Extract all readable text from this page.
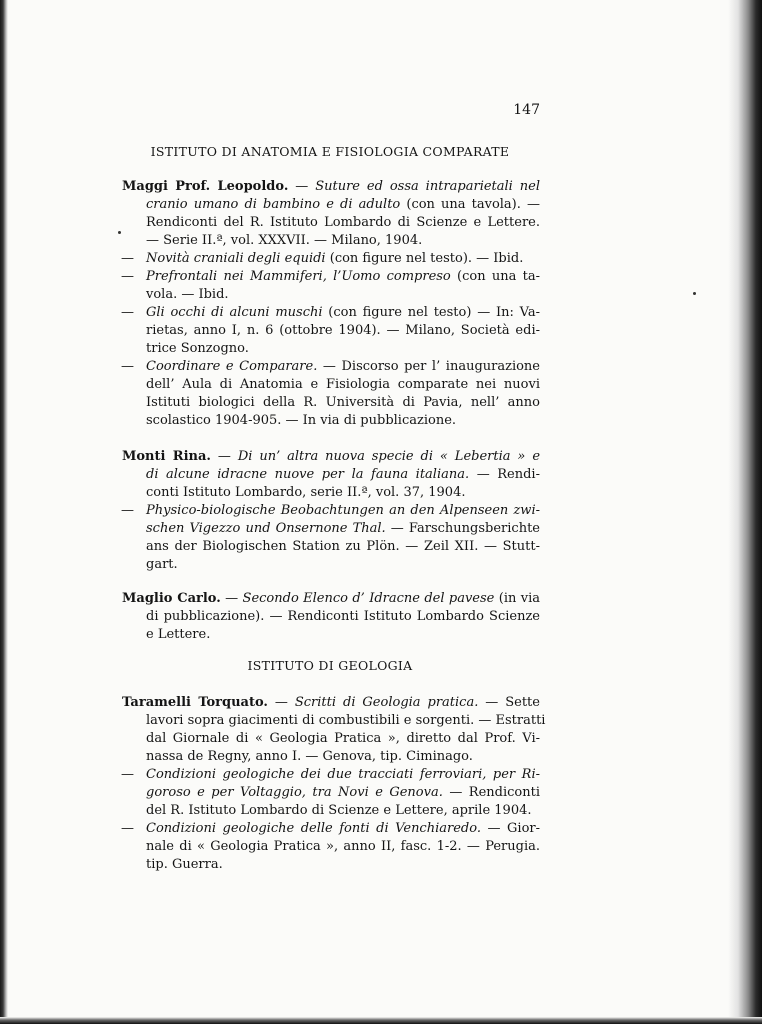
147
ISTITUTO DI ANATOMIA E FISIOLOGIA COMPARATE
Maggi Prof. Leopoldo. — Suture ed ossa intraparietali nel
cranio umano di bambino e di adulto (con una tavola). —
Rendiconti del R. Istituto Lombardo di Scienze e Lettere.
— Serie II.ª, vol. XXXVII. — Milano, 1904.
— Novità craniali degli equidi (con figure nel testo). — Ibid.
— Prefrontali nei Mammiferi, l’Uomo compreso (con una ta-
vola. — Ibid.
— Gli occhi di alcuni muschi (con figure nel testo) — In: Va-
rietas, anno I, n. 6 (ottobre 1904). — Milano, Società edi-
trice Sonzogno.
— Coordinare e Comparare. — Discorso per l’ inaugurazione
dell’ Aula di Anatomia e Fisiologia comparate nei nuovi
Istituti biologici della R. Università di Pavia, nell’ anno
scolastico 1904-905. — In via di pubblicazione.
Monti Rina. — Di un’ altra nuova specie di « Lebertia » e
di alcune idracne nuove per la fauna italiana. — Rendi-
conti Istituto Lombardo, serie II.ª, vol. 37, 1904.
— Physico-biologische Beobachtungen an den Alpenseen zwi-
schen Vigezzo und Onsernone Thal. — Farschungsberichte
ans der Biologischen Station zu Plön. — Zeil XII. — Stutt-
gart.
Maglio Carlo. — Secondo Elenco d’ Idracne del pavese (in via
di pubblicazione). — Rendiconti Istituto Lombardo Scienze
e Lettere.
ISTITUTO DI GEOLOGIA
Taramelli Torquato. — Scritti di Geologia pratica. — Sette
lavori sopra giacimenti di combustibili e sorgenti. — Estratti
dal Giornale di « Geologia Pratica », diretto dal Prof. Vi-
nassa de Regny, anno I. — Genova, tip. Ciminago.
— Condizioni geologiche dei due tracciati ferroviari, per Ri-
goroso e per Voltaggio, tra Novi e Genova. — Rendiconti
del R. Istituto Lombardo di Scienze e Lettere, aprile 1904.
— Condizioni geologiche delle fonti di Venchiaredo. — Gior-
nale di « Geologia Pratica », anno II, fasc. 1-2. — Perugia.
tip. Guerra.
